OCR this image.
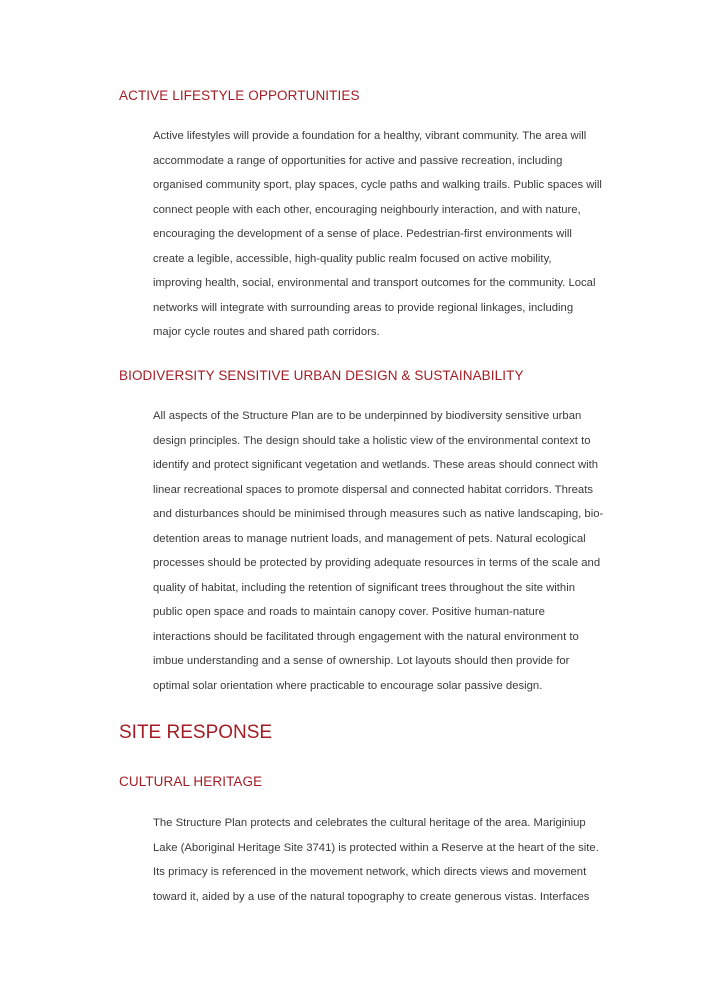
ACTIVE LIFESTYLE OPPORTUNITIES
Active lifestyles will provide a foundation for a healthy, vibrant community. The area will
accommodate a range of opportunities for active and passive recreation, including
organised community sport, play spaces, cycle paths and walking trails. Public spaces will
connect people with each other, encouraging neighbourly interaction, and with nature,
encouraging the development of a sense of place. Pedestrian-first environments will
create a legible, accessible, high-quality public realm focused on active mobility,
improving health, social, environmental and transport outcomes for the community. Local
networks will integrate with surrounding areas to provide regional linkages, including
major cycle routes and shared path corridors.
BIODIVERSITY SENSITIVE URBAN DESIGN & SUSTAINABILITY
All aspects of the Structure Plan are to be underpinned by biodiversity sensitive urban
design principles. The design should take a holistic view of the environmental context to
identify and protect significant vegetation and wetlands. These areas should connect with
linear recreational spaces to promote dispersal and connected habitat corridors. Threats
and disturbances should be minimised through measures such as native landscaping, bio-
detention areas to manage nutrient loads, and management of pets. Natural ecological
processes should be protected by providing adequate resources in terms of the scale and
quality of habitat, including the retention of significant trees throughout the site within
public open space and roads to maintain canopy cover. Positive human-nature
interactions should be facilitated through engagement with the natural environment to
imbue understanding and a sense of ownership. Lot layouts should then provide for
optimal solar orientation where practicable to encourage solar passive design.
SITE RESPONSE
CULTURAL HERITAGE
The Structure Plan protects and celebrates the cultural heritage of the area. Mariginiup
Lake (Aboriginal Heritage Site 3741) is protected within a Reserve at the heart of the site.
Its primacy is referenced in the movement network, which directs views and movement
toward it, aided by a use of the natural topography to create generous vistas. Interfaces
